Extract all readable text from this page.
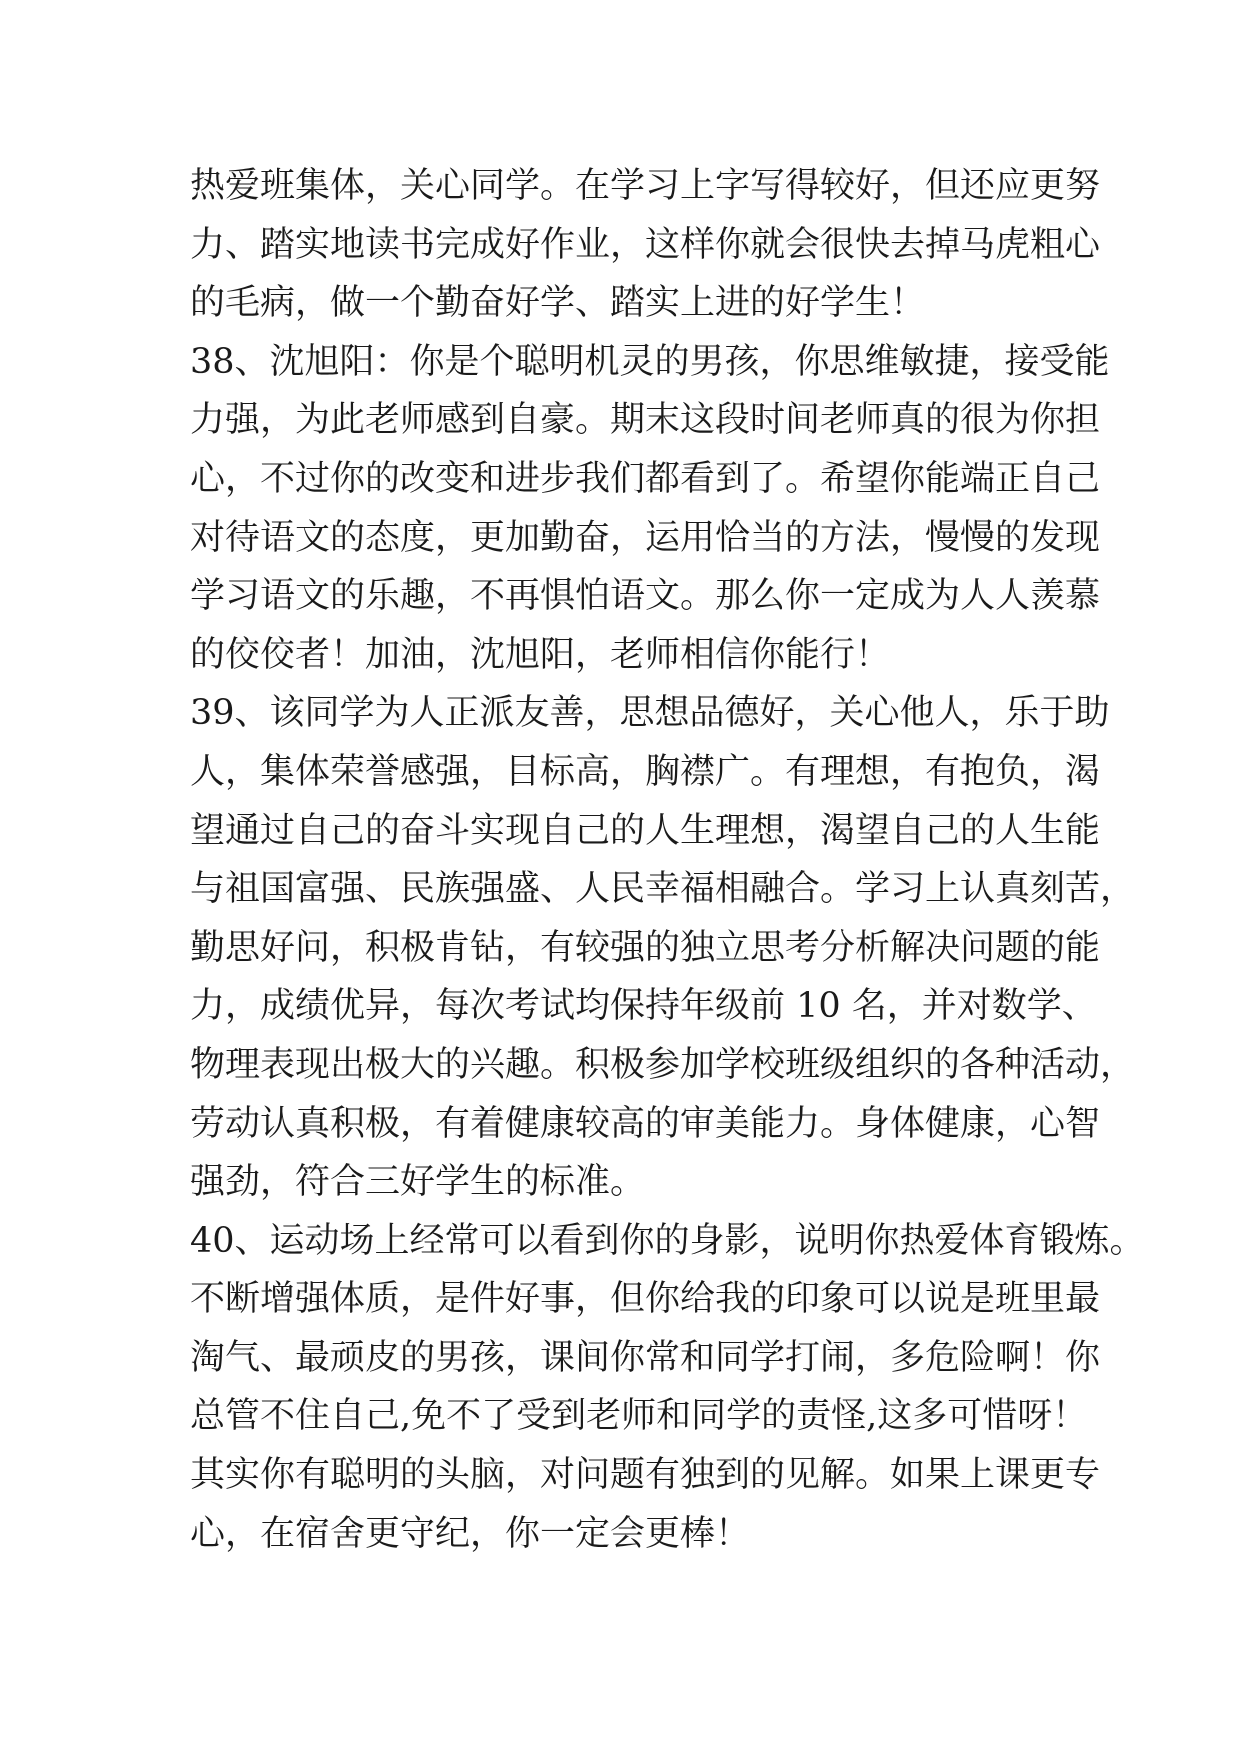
热爱班集体，关心同学。在学习上字写得较好，但还应更努
力、踏实地读书完成好作业，这样你就会很快去掉马虎粗心
的毛病，做一个勤奋好学、踏实上进的好学生！
38、沈旭阳：你是个聪明机灵的男孩，你思维敏捷，接受能
力强，为此老师感到自豪。期末这段时间老师真的很为你担
心，不过你的改变和进步我们都看到了。希望你能端正自己
对待语文的态度，更加勤奋，运用恰当的方法，慢慢的发现
学习语文的乐趣，不再惧怕语文。那么你一定成为人人羡慕
的佼佼者！加油，沈旭阳，老师相信你能行！
39、该同学为人正派友善，思想品德好，关心他人，乐于助
人，集体荣誉感强，目标高，胸襟广。有理想，有抱负，渴
望通过自己的奋斗实现自己的人生理想，渴望自己的人生能
与祖国富强、民族强盛、人民幸福相融合。学习上认真刻苦，
勤思好问，积极肯钻，有较强的独立思考分析解决问题的能
力，成绩优异，每次考试均保持年级前 10 名，并对数学、
物理表现出极大的兴趣。积极参加学校班级组织的各种活动，
劳动认真积极，有着健康较高的审美能力。身体健康，心智
强劲，符合三好学生的标准。
40、运动场上经常可以看到你的身影，说明你热爱体育锻炼。
不断增强体质，是件好事，但你给我的印象可以说是班里最
淘气、最顽皮的男孩，课间你常和同学打闹，多危险啊！你
总管不住自己,免不了受到老师和同学的责怪,这多可惜呀！
其实你有聪明的头脑，对问题有独到的见解。如果上课更专
心，在宿舍更守纪，你一定会更棒！
